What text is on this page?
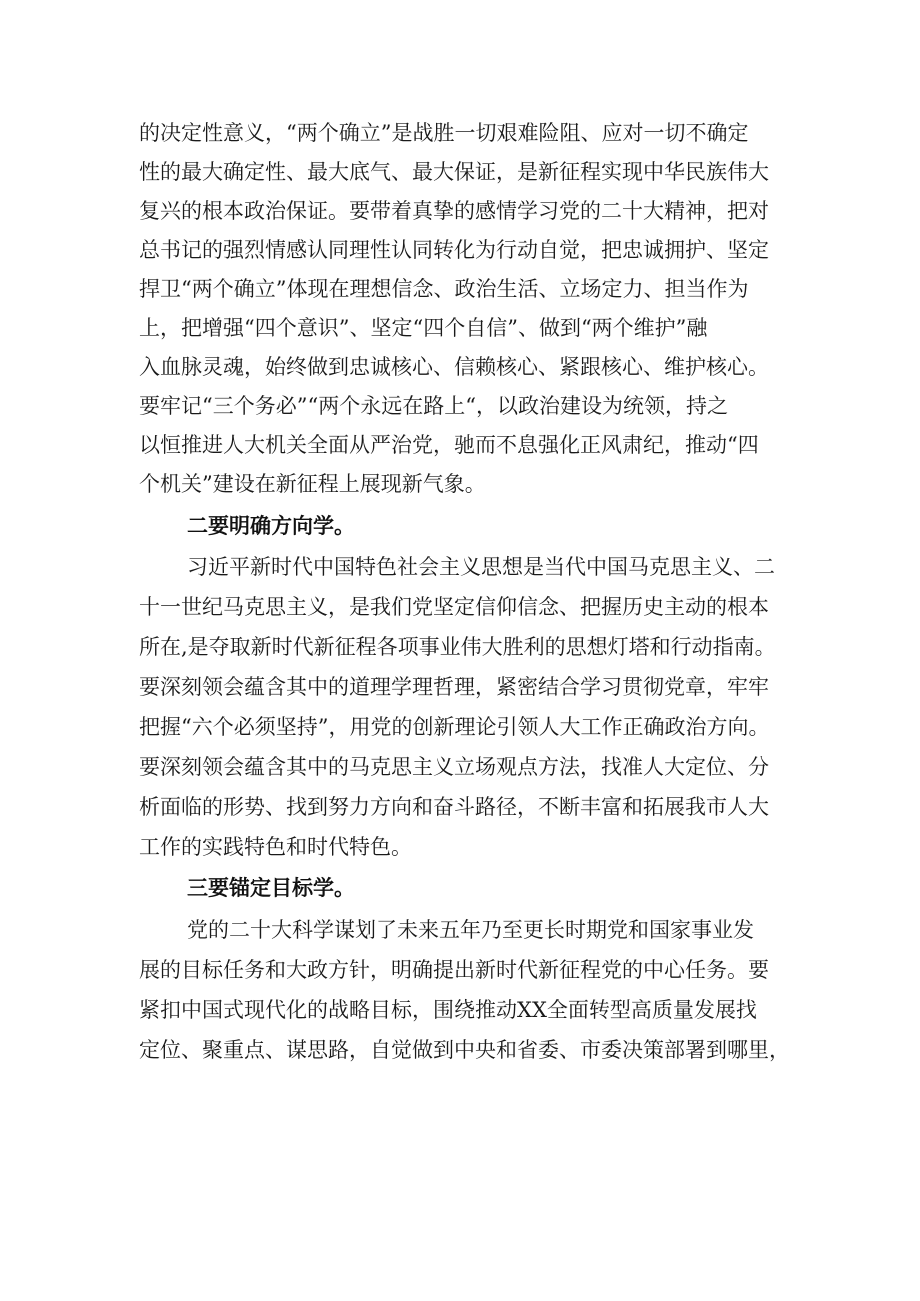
的决定性意义，“两个确立”是战胜一切艰难险阻、应对一切不确定
性的最大确定性、最大底气、最大保证，是新征程实现中华民族伟大
复兴的根本政治保证。要带着真挚的感情学习党的二十大精神，把对
总书记的强烈情感认同理性认同转化为行动自觉，把忠诚拥护、坚定
捍卫“两个确立”体现在理想信念、政治生活、立场定力、担当作为
上，把增强“四个意识”、坚定“四个自信”、做到“两个维护”融
入血脉灵魂，始终做到忠诚核心、信赖核心、紧跟核心、维护核心。
要牢记“三个务必”“两个永远在路上“，以政治建设为统领，持之
以恒推进人大机关全面从严治党，驰而不息强化正风肃纪，推动“四
个机关”建设在新征程上展现新气象。
二要明确方向学。
习近平新时代中国特色社会主义思想是当代中国马克思主义、二
十一世纪马克思主义，是我们党坚定信仰信念、把握历史主动的根本
所在,是夺取新时代新征程各项事业伟大胜利的思想灯塔和行动指南。
要深刻领会蕴含其中的道理学理哲理，紧密结合学习贯彻党章，牢牢
把握“六个必须坚持”，用党的创新理论引领人大工作正确政治方向。
要深刻领会蕴含其中的马克思主义立场观点方法，找准人大定位、分
析面临的形势、找到努力方向和奋斗路径，不断丰富和拓展我市人大
工作的实践特色和时代特色。
三要锚定目标学。
党的二十大科学谋划了未来五年乃至更长时期党和国家事业发
展的目标任务和大政方针，明确提出新时代新征程党的中心任务。要
紧扣中国式现代化的战略目标，围绕推动XX全面转型高质量发展找
定位、聚重点、谋思路，自觉做到中央和省委、市委决策部署到哪里，
